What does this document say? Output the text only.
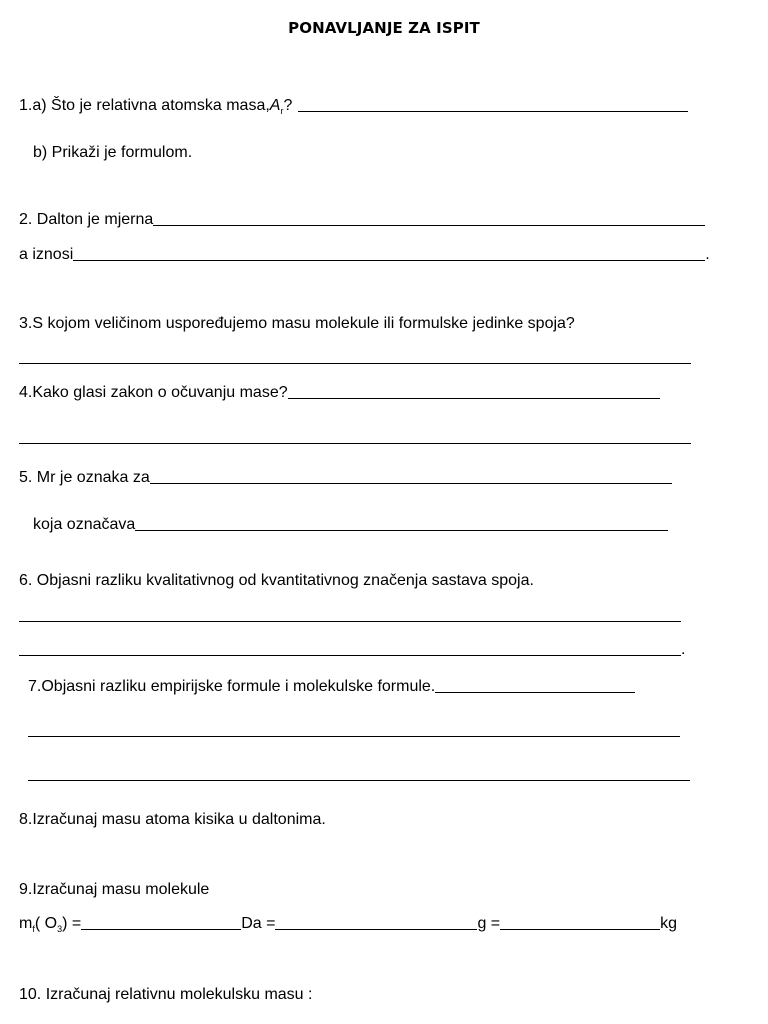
PONAVLJANJE ZA ISPIT
1.a) Što je relativna atomska masa, A r ?
b) Prikaži je formulom.
2. Dalton je mjerna
a iznosi	.
3.S kojom veličinom uspoređujemo masu molekule ili formulske jedinke spoja?
4.Kako glasi zakon o očuvanju mase?
5. Mr je oznaka za
koja označava
6. Objasni razliku kvalitativnog od kvantitativnog značenja sastava spoja.
.
7.Objasni razliku empirijske formule i molekulske formule.
8.Izračunaj masu atoma kisika u daltonima.
9.Izračunaj masu molekule
m f ( O 3 ) =	Da =	g =	kg
10. Izračunaj relativnu molekulsku masu :
